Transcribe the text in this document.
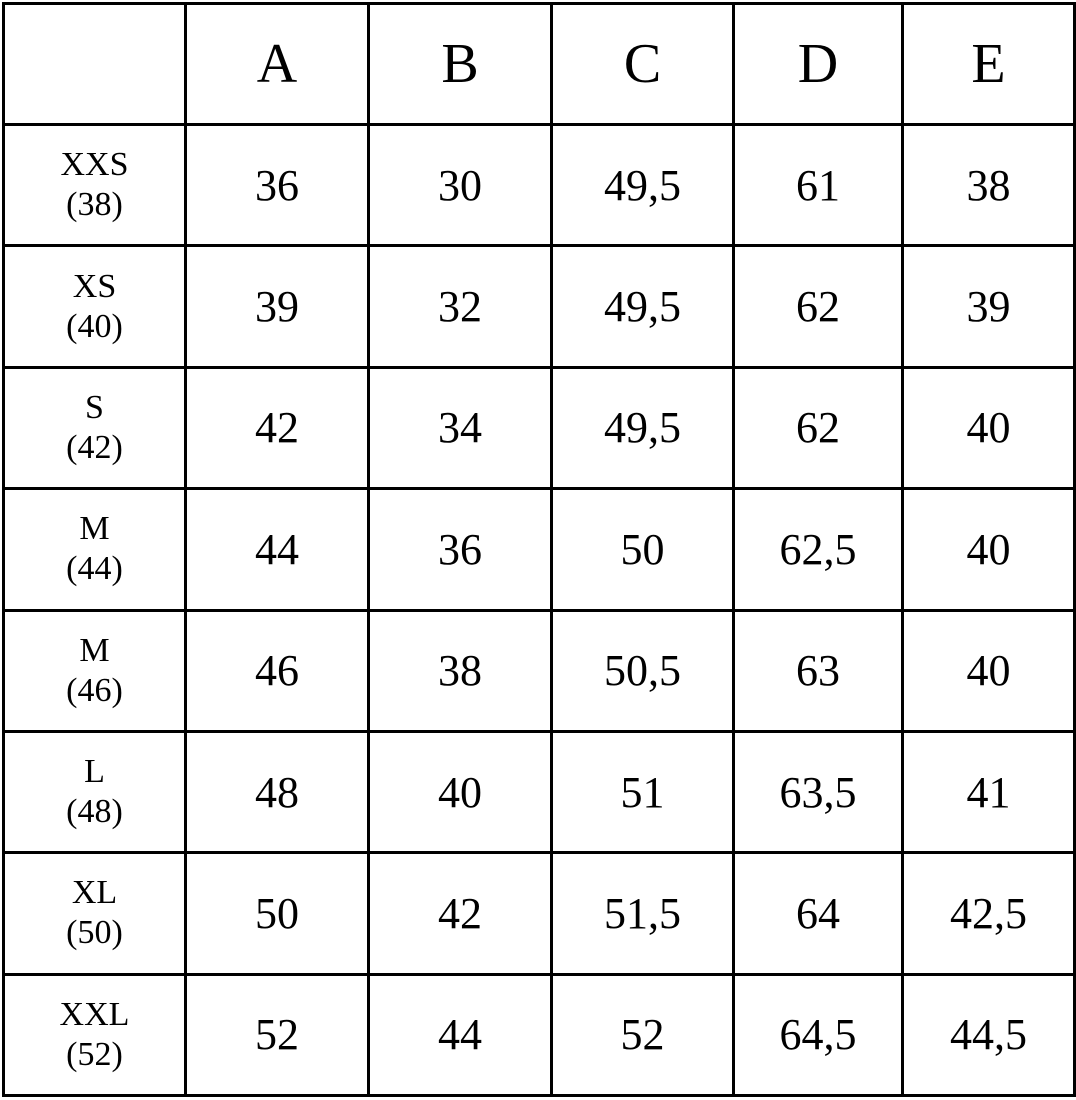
	A	B	C	D	E

XXS
(38)	36	30	49,5	61	38

XS
(40)	39	32	49,5	62	39

S
(42)	42	34	49,5	62	40

M
(44)	44	36	50	62,5	40

M
(46)	46	38	50,5	63	40

L
(48)	48	40	51	63,5	41

XL
(50)	50	42	51,5	64	42,5

XXL
(52)	52	44	52	64,5	44,5
